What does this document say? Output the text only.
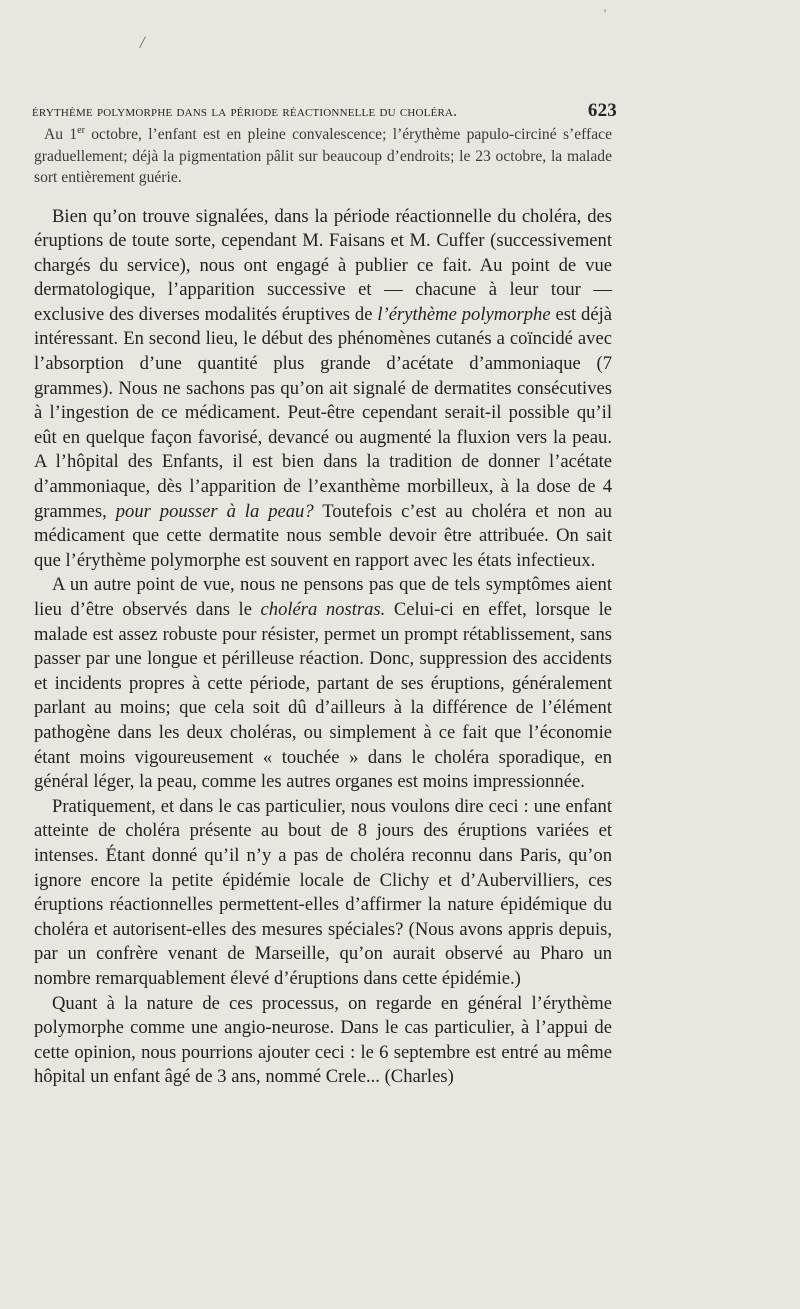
/
'
érythème polymorphe dans la période réactionnelle du choléra.	623

Au 1er octobre, l’enfant est en pleine convalescence; l’érythème papulo-circiné s’efface graduellement; déjà la pigmentation pâlit sur beaucoup d’endroits; le 23 octobre, la malade sort entièrement guérie.

Bien qu’on trouve signalées, dans la période réactionnelle du choléra, des éruptions de toute sorte, cependant M. Faisans et M. Cuffer (successivement chargés du service), nous ont engagé à publier ce fait. Au point de vue dermatologique, l’apparition successive et — chacune à leur tour — exclusive des diverses modalités éruptives de l’érythème polymorphe est déjà intéressant. En second lieu, le début des phénomènes cutanés a coïncidé avec l’absorption d’une quantité plus grande d’acétate d’ammoniaque (7 grammes). Nous ne sachons pas qu’on ait signalé de dermatites consécutives à l’ingestion de ce médicament. Peut-être cependant serait-il possible qu’il eût en quelque façon favorisé, devancé ou augmenté la fluxion vers la peau. A l’hôpital des Enfants, il est bien dans la tradition de donner l’acétate d’ammoniaque, dès l’apparition de l’exanthème morbilleux, à la dose de 4 grammes, pour pousser à la peau? Toutefois c’est au choléra et non au médicament que cette dermatite nous semble devoir être attribuée. On sait que l’érythème polymorphe est souvent en rapport avec les états infectieux.

A un autre point de vue, nous ne pensons pas que de tels symptômes aient lieu d’être observés dans le choléra nostras. Celui-ci en effet, lorsque le malade est assez robuste pour résister, permet un prompt rétablissement, sans passer par une longue et périlleuse réaction. Donc, suppression des accidents et incidents propres à cette période, partant de ses éruptions, généralement parlant au moins; que cela soit dû d’ailleurs à la différence de l’élément pathogène dans les deux choléras, ou simplement à ce fait que l’économie étant moins vigoureusement « touchée » dans le choléra sporadique, en général léger, la peau, comme les autres organes est moins impressionnée.

Pratiquement, et dans le cas particulier, nous voulons dire ceci : une enfant atteinte de choléra présente au bout de 8 jours des éruptions variées et intenses. Étant donné qu’il n’y a pas de choléra reconnu dans Paris, qu’on ignore encore la petite épidémie locale de Clichy et d’Aubervilliers, ces éruptions réactionnelles permettent-elles d’affirmer la nature épidémique du choléra et autorisent-elles des mesures spéciales? (Nous avons appris depuis, par un confrère venant de Marseille, qu’on aurait observé au Pharo un nombre remarquablement élevé d’éruptions dans cette épidémie.)

Quant à la nature de ces processus, on regarde en général l’érythème polymorphe comme une angio-neurose. Dans le cas particulier, à l’appui de cette opinion, nous pourrions ajouter ceci : le 6 septembre est entré au même hôpital un enfant âgé de 3 ans, nommé Crele... (Charles)
